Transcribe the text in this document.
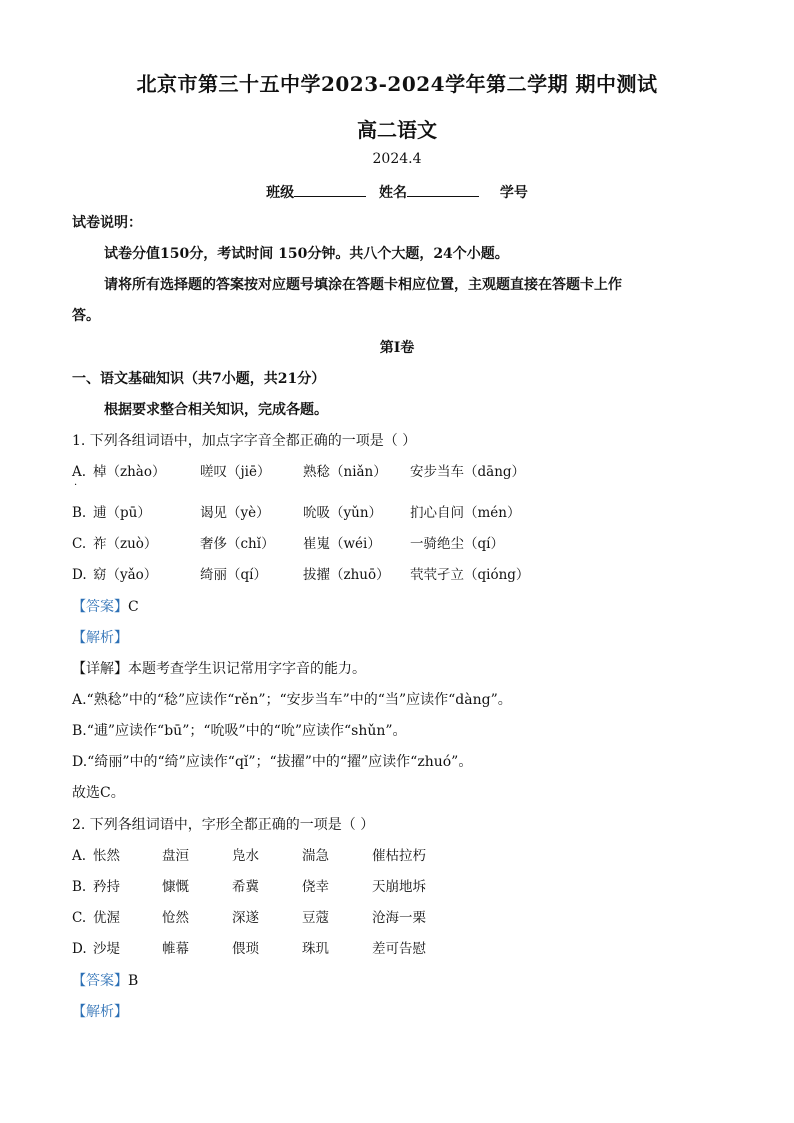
北京市第三十五中学2023-2024学年第二学期 期中测试
高二语文
2024.4
班级	姓名	学号
试卷说明：
试卷分值150分，考试时间 150分钟。共八个大题，24个小题。
请将所有选择题的答案按对应题号填涂在答题卡相应位置，主观题直接在答题卡上作
答。
第Ⅰ卷
一、语文基础知识（共7小题，共21分）
根据要求整合相关知识，完成各题。
1. 下列各组词语中，加点字字音全都正确的一项是（ ）
A. 棹（zhào）	嗟叹（jiē） 熟稔（niǎn） 安步当车（dāng）
·
B. 逋（pū）	谒见（yè） 吮吸（yǔn） 扪心自问（mén）
C. 祚（zuò）	奢侈（chǐ） 崔嵬（wéi） 一骑绝尘（qí）
D. 窈（yǎo）	绮丽（qí）	拔擢（zhuō） 茕茕孑立（qióng）
【答案】C
【解析】
【详解】本题考查学生识记常用字字音的能力。
A.“熟稔”中的“稔”应读作“rěn”；“安步当车”中的“当”应读作“dàng”。
B.“逋”应读作“bū”；“吮吸”中的“吮”应读作“shǔn”。
D.“绮丽”中的“绮”应读作“qǐ”；“拔擢”中的“擢”应读作“zhuó”。
故选C。
2. 下列各组词语中，字形全都正确的一项是（ ）
A. 怅然	盘洹	凫水	湍急	催枯拉朽
B. 矜持	慷慨	希冀	侥幸	天崩地坼
C. 优渥	怆然	深遂	豆蔻	沧海一栗
D. 沙堤	帷幕	偎琐	珠玑	差可告慰
【答案】B
【解析】
